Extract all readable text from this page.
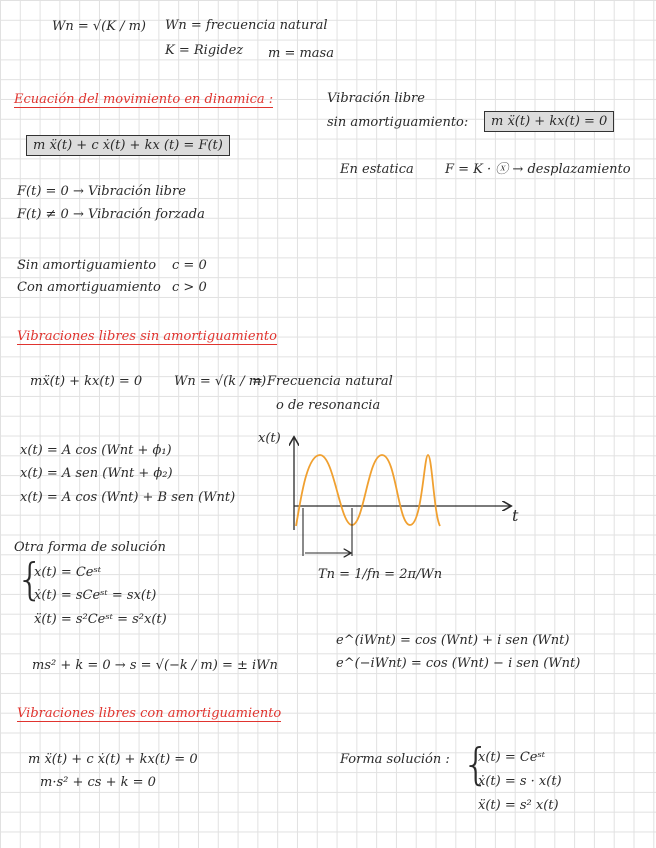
Wn = √(K / m) Wn = frecuencia natural
K = Rigidez m = masa
Ecuación del movimiento en dinamica :
m ẍ(t) + c ẋ(t) + kx (t) = F(t)
Vibración libre
sin amortiguamiento:	m ẍ(t) + kx(t) = 0
En estatica F = K · ⓧ → desplazamiento
F(t) = 0 → Vibración libre
F(t) ≠ 0 → Vibración forzada
Sin amortiguamiento c = 0
Con amortiguamiento c > 0
Vibraciones libres sin amortiguamiento
mẍ(t) + kx(t) = 0 Wn = √(k / m)
= Frecuencia natural
o de resonancia
x(t) = A cos (Wnt + ϕ₁)
x(t) = A sen (Wnt + ϕ₂)
x(t) = A cos (Wnt) + B sen (Wnt)
Otra forma de solución
{
x(t) = Ceˢᵗ
ẋ(t) = sCeˢᵗ = sx(t)
ẍ(t) = s²Ceˢᵗ = s²x(t)
ms² + k = 0 → s = √(−k / m) = ± iWn
x(t)
t
Tn = 1/fn = 2π/Wn
e^(iWnt) = cos (Wnt) + i sen (Wnt)
e^(−iWnt) = cos (Wnt) − i sen (Wnt)
Vibraciones libres con amortiguamiento
m ẍ(t) + c ẋ(t) + kx(t) = 0
m·s² + cs + k = 0
Forma solución : {
x(t) = Ceˢᵗ
ẋ(t) = s · x(t)
ẍ(t) = s² x(t)
